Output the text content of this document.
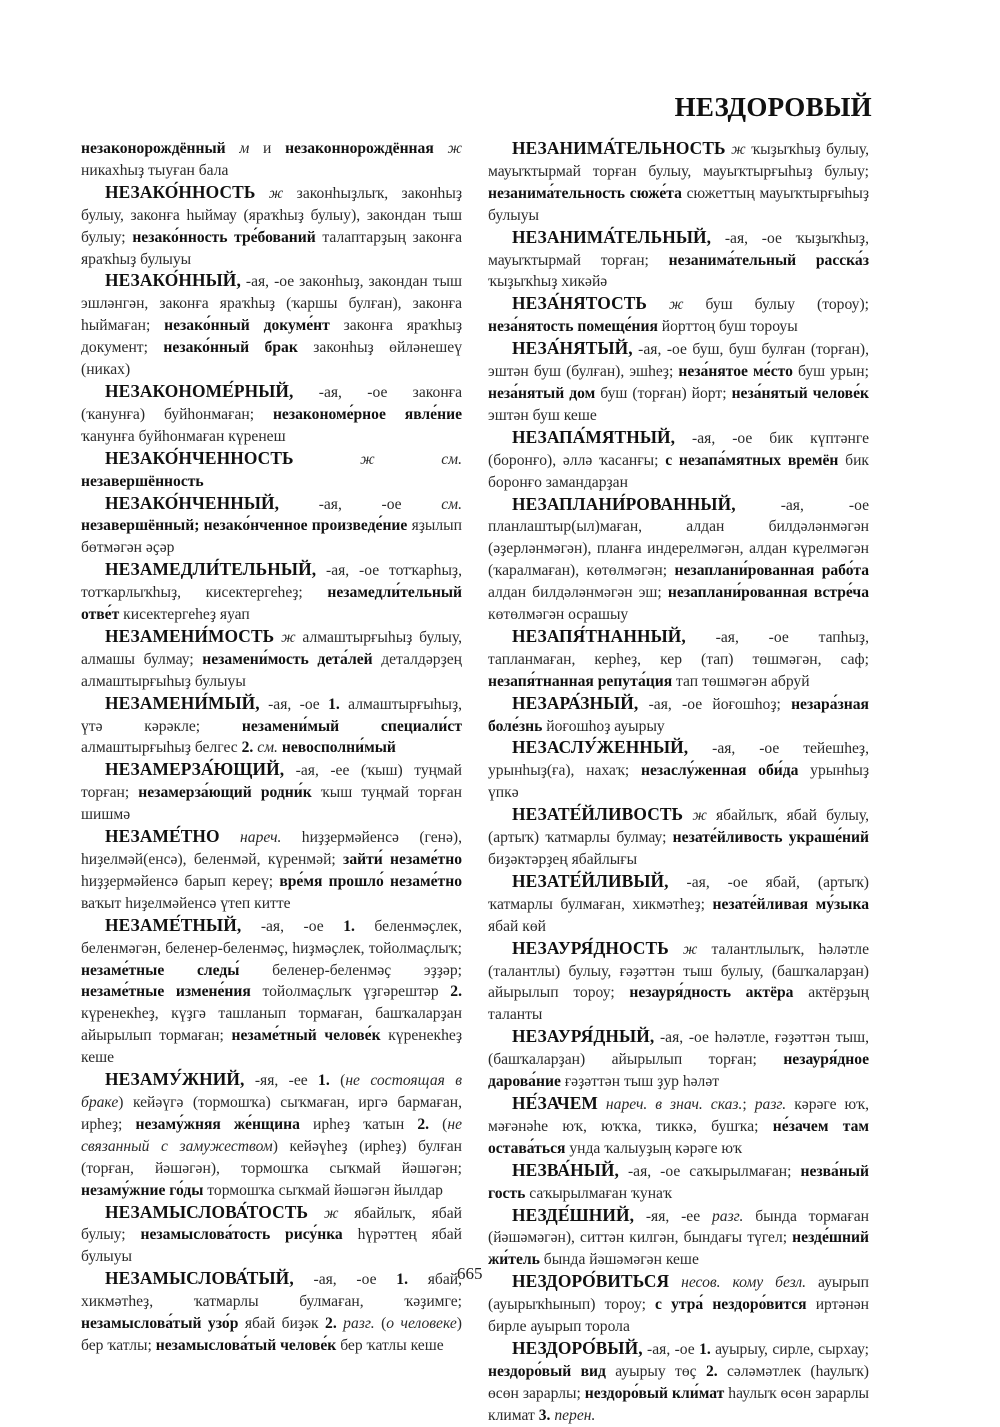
НЕЗДОРОВЫЙ

незаконорождённый м и незаконнорождённая ж никахһыҙ тыуған бала

НЕЗАКО́ННОСТЬ ж законһыҙлыҡ, законһыҙ булыу, законға һыймау (яраҡһыҙ булыу), закондан тыш булыу; незако́нность тре́бований талаптарҙың законға яраҡһыҙ булыуы

НЕЗАКО́ННЫЙ, -ая, -ое законһыҙ, закондан тыш эшләнгән, законға яраҡһыҙ (ҡаршы булған), законға һыймаған; незако́нный докуме́нт законға яраҡһыҙ документ; незако́нный брак законһыҙ өйләнешеү (никах)

НЕЗАКОНОМЕ́РНЫЙ, -ая, -ое законға (ҡанунға) буйһонмаған; незакономе́рное явле́ние ҡанунға буйһонмаған күренеш

НЕЗАКО́НЧЕННОСТЬ	ж см. незавершённость

НЕЗАКО́НЧЕННЫЙ, -ая, -ое см. незавершённый; незако́нченное произведе́ние яҙылып бөтмәгән әҫәр

НЕЗАМЕДЛИ́ТЕЛЬНЫЙ, -ая, -ое тотҡарһыҙ, тотҡарлыҡһыҙ, кисектергеһеҙ; незамедли́тельный отве́т кисектергеһеҙ яуап

НЕЗАМЕНИ́МОСТЬ ж алмаштырғыһыҙ булыу, алмашы булмау; незамени́мость дета́лей деталдәрҙең алмаштырғыһыҙ булыуы

НЕЗАМЕНИ́МЫЙ, -ая, -ое 1. алмаштырғыһыҙ, үтә кәрәкле; незамени́мый специали́ст алмаштырғыһыҙ белгес 2. см. невосполни́мый

НЕЗАМЕРЗА́ЮЩИЙ, -ая, -ее (ҡыш) туңмай торған; незамерза́ющий родни́к ҡыш туңмай торған шишмә

НЕЗАМЕ́ТНО нареч. һиҙҙермәйенсә (генә), һиҙелмәй(енсә), беленмәй, күренмәй; зайти́ незаме́тно һиҙҙермәйенсә барып кереү; вре́мя прошло́ незаме́тно ваҡыт һиҙелмәйенсә үтеп китте

НЕЗАМЕ́ТНЫЙ, -ая, -ое 1. беленмәҫлек, беленмәгән, беленер-беленмәҫ, һиҙмәҫлек, тойолмаҫлыҡ; незаме́тные следы́ беленер-беленмәҫ эҙҙәр; незаме́тные измене́ния тойолмаҫлыҡ үҙгәрештәр 2. күренекһеҙ, күҙгә ташланып тормаған, башҡаларҙан айырылып тормаған; незаме́тный челове́к күренекһеҙ кеше

НЕЗАМУ́ЖНИЙ, -яя, -ее 1. (не состоящая в браке) кейәүгә (тормошҡа) сыҡмаған, иргә бармаған, ирһеҙ; незаму́жняя же́нщина ирһеҙ ҡатын 2. (не связанный с замужеством) кейәүһеҙ (ирһеҙ) булған (торған, йәшәгән), тормошҡа сыҡмай йәшәгән; незаму́жние го́ды тормошҡа сыҡмай йәшәгән йылдар

НЕЗАМЫСЛОВА́ТОСТЬ ж ябайлыҡ, ябай булыу; незамыслова́тость рису́нка һүрәттең ябай булыуы

НЕЗАМЫСЛОВА́ТЫЙ, -ая, -ое 1. ябай, хикмәтһеҙ, ҡатмарлы булмаған, ҡәҙимге; незамыслова́тый узо́р ябай биҙәк 2. разг. (о человеке) бер ҡатлы; незамыслова́тый челове́к бер ҡатлы кеше

НЕЗАНИМА́ТЕЛЬНОСТЬ ж ҡыҙыҡһыҙ булыу, мауыҡтырмай торған булыу, мауыҡтырғыһыҙ булыу; незанима́тельность сюже́та сюжеттың мауыҡтырғыһыҙ булыуы

НЕЗАНИМА́ТЕЛЬНЫЙ, -ая, -ое ҡыҙыҡһыҙ, мауыҡтырмай торған; незанима́тельный расска́з ҡыҙыҡһыҙ хикәйә

НЕЗА́НЯТОСТЬ ж буш булыу (тороу); неза́нятость помеще́ния йорттоң буш тороуы

НЕЗА́НЯТЫЙ, -ая, -ое буш, буш булған (торған), эштән буш (булған), эшһеҙ; неза́нятое ме́сто буш урын; неза́нятый дом буш (торған) йорт; неза́нятый челове́к эштән буш кеше

НЕЗАПА́МЯТНЫЙ, -ая, -ое бик күптәнге (боронғо), әллә ҡасанғы; с незапа́мятных времён бик боронғо замандарҙан

НЕЗАПЛАНИ́РОВАННЫЙ, -ая, -ое планлаштыр(ыл)маған, алдан билдәләнмәгән (әҙерләнмәгән), планға индерелмәгән, алдан күрелмәгән (ҡаралмаған), көтөлмәгән; незаплани́рованная рабо́та алдан билдәләнмәгән эш; незаплани́рованная встре́ча көтөлмәгән осрашыу

НЕЗАПЯ́ТНАННЫЙ, -ая, -ое тапһыҙ, тапланмаған, керһеҙ, кер (тап) төшмәгән, саф; незапя́тнанная репута́ция тап төшмәгән абруй

НЕЗАРА́ЗНЫЙ, -ая, -ое йоғошһоҙ; незара́зная боле́знь йоғошһоҙ ауырыу

НЕЗАСЛУ́ЖЕННЫЙ, -ая, -ое тейешһеҙ, урынһыҙ(ға), нахаҡ; незаслу́женная оби́да урынһыҙ үпкә

НЕЗАТЕ́ЙЛИВОСТЬ ж ябайлыҡ, ябай булыу, (артыҡ) ҡатмарлы булмау; незате́йливость украше́ний биҙәктәрҙең ябайлығы

НЕЗАТЕ́ЙЛИВЫЙ, -ая, -ое ябай, (артыҡ) ҡатмарлы булмаған, хикмәтһеҙ; незате́йливая му́зыка ябай көй

НЕЗАУРЯ́ДНОСТЬ ж талантлылыҡ, һәләтле (талантлы) булыу, ғәҙәттән тыш булыу, (башҡаларҙан) айырылып тороу; незауря́дность актёра актёрҙың таланты

НЕЗАУРЯ́ДНЫЙ, -ая, -ое һәләтле, ғәҙәттән тыш, (башҡаларҙан) айырылып торған; незауря́дное дарова́ние ғәҙәттән тыш ҙур һәләт

НЕ́ЗАЧЕМ нареч. в знач. сказ.; разг. кәрәге юҡ, мәғәнәһе юҡ, юҡҡа, тиккә, бушҡа; не́зачем там остава́ться унда ҡалыуҙың кәрәге юҡ

НЕЗВА́НЫЙ, -ая, -ое саҡырылмаған; незва́ный гость саҡырылмаған ҡунаҡ

НЕЗДЕ́ШНИЙ, -яя, -ее разг. бында тормаған (йәшәмәгән), ситтән килгән, бындағы түгел; незде́шний жи́тель бында йәшәмәгән кеше

НЕЗДОРО́ВИТЬСЯ несов. кому безл. ауырып (ауырыҡһынып) тороу; с утра́ нездоро́вится иртәнән бирле ауырып торола

НЕЗДОРО́ВЫЙ, -ая, -ое 1. ауырыу, сирле, сырхау; нездоро́вый вид ауырыу төҫ 2. сәләмәтлек (һаулыҡ) өсөн зарарлы; нездоро́вый кли́мат һаулыҡ өсөн зарарлы климат 3. перен.

665
